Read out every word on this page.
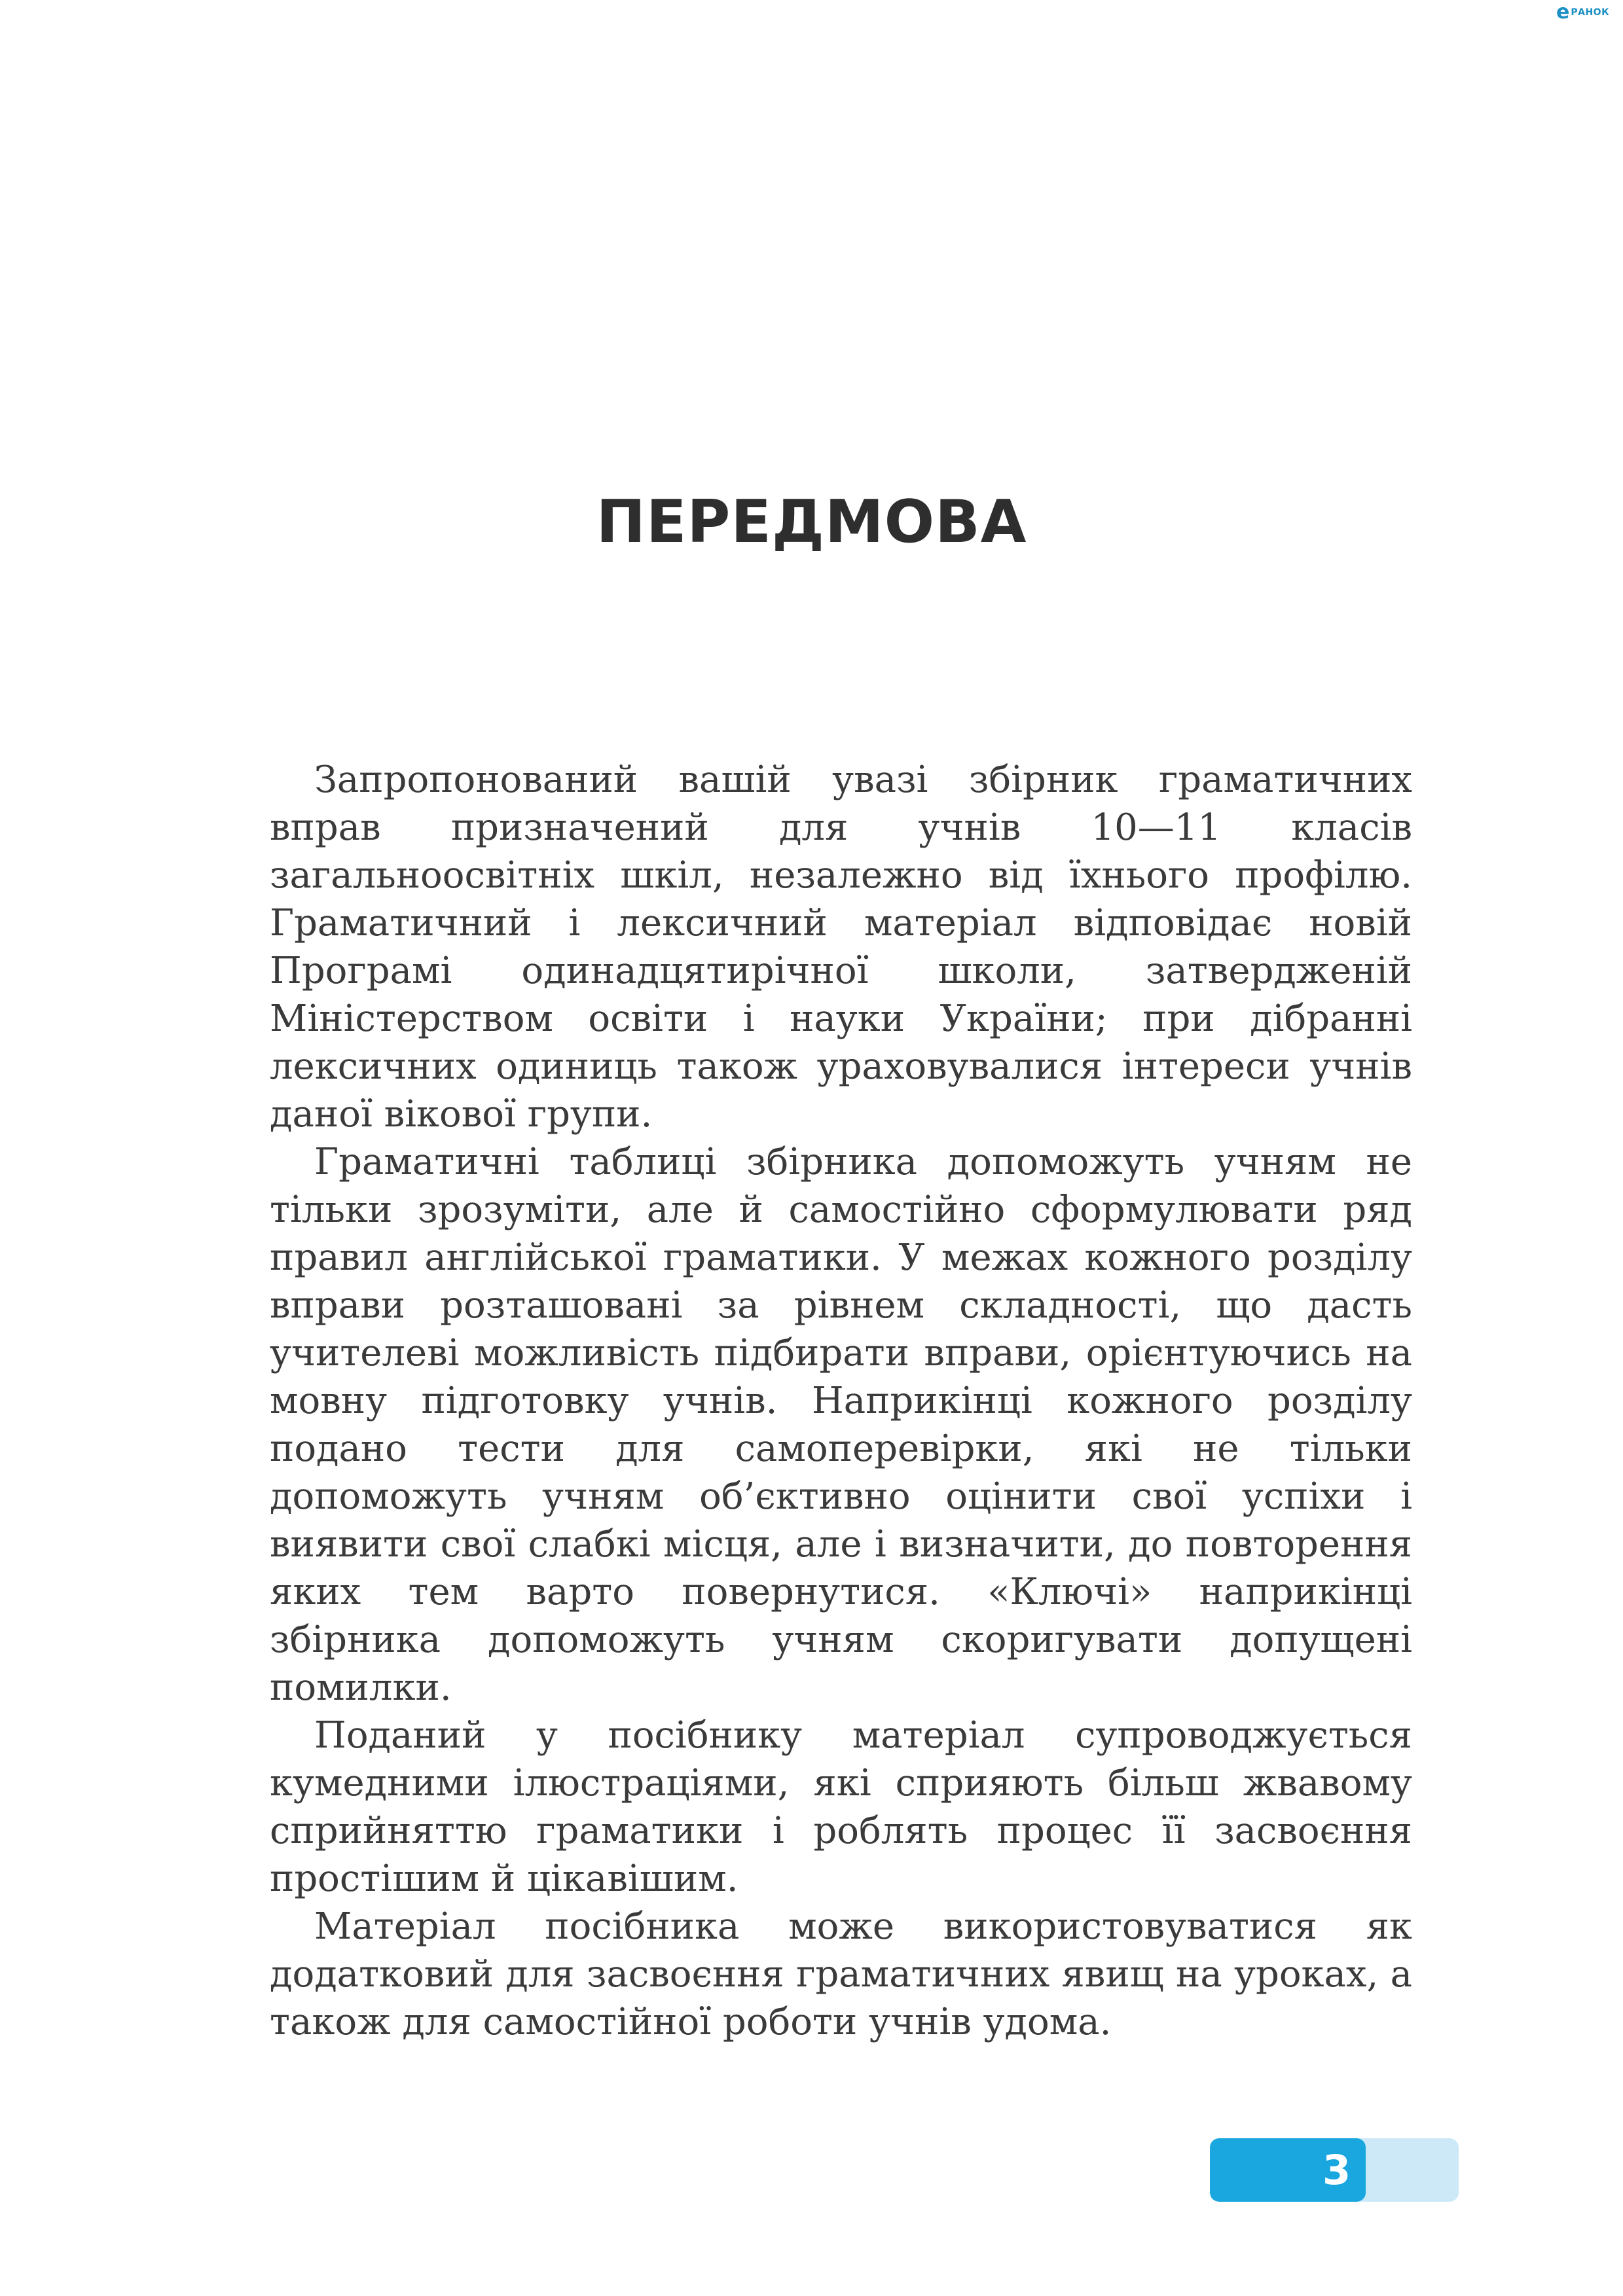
e РАНОК
ПЕРЕДМОВА

Запропонований вашій увазі збірник граматичних вправ призначений для учнів 10—11 класів загальноосвітніх шкіл, незалежно від їхнього профілю. Граматичний і лексичний матеріал відповідає новій Програмі одинадцятирічної школи, затвердженій Міністерством освіти і науки України; при дібранні лексичних одиниць також ураховувалися інтереси учнів даної вікової групи.

Граматичні таблиці збірника допоможуть учням не тільки зрозуміти, але й самостійно сформулювати ряд правил англійської граматики. У межах кожного розділу вправи розташовані за рівнем складності, що дасть учителеві можливість підбирати вправи, орієнтуючись на мовну підготовку учнів. Наприкінці кожного розділу подано тести для самоперевірки, які не тільки допоможуть учням об’єктивно оцінити свої успіхи і виявити свої слабкі місця, але і визначити, до повторення яких тем варто повернутися. «Ключі» наприкінці збірника допоможуть учням скоригувати допущені помилки.

Поданий у посібнику матеріал супроводжується кумедними ілюстраціями, які сприяють більш жвавому сприйняттю граматики і роблять процес її засвоєння простішим й цікавішим.

Матеріал посібника може використовуватися як додатковий для засвоєння граматичних явищ на уроках, а також для самостійної роботи учнів удома.

3
